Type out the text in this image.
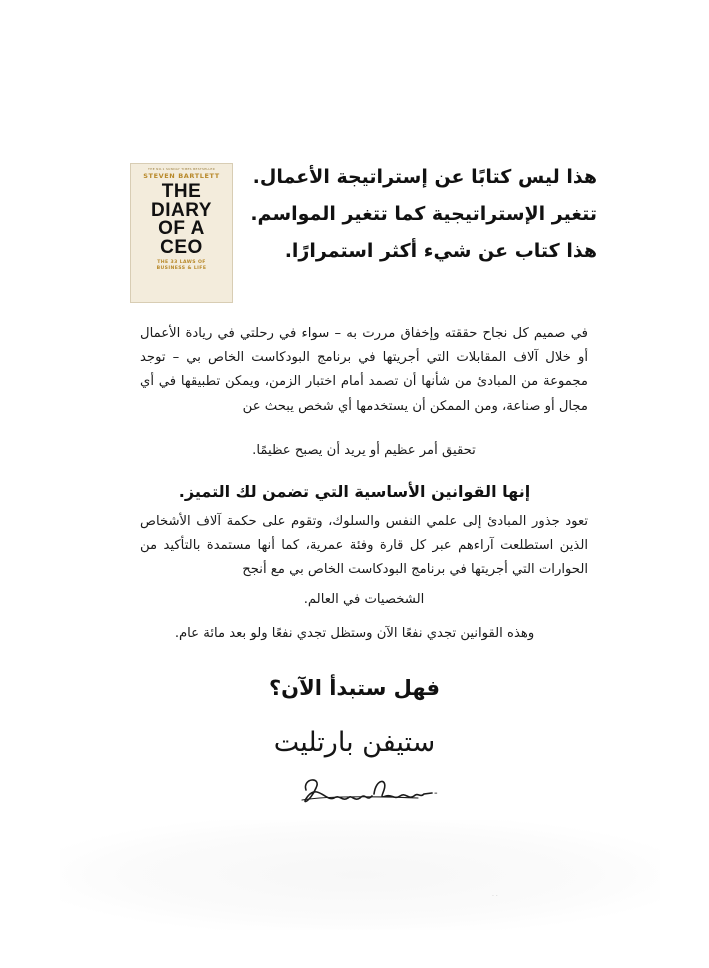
THE NO.1 SUNDAY TIMES BESTSELLER
STEVEN BARTLETT
THE
DIARY
OF A
CEO
THE 33 LAWS OF
BUSINESS & LIFE
هذا ليس كتابًا عن إستراتيجة الأعمال.
تتغير الإستراتيجية كما تتغير المواسم.
هذا كتاب عن شيء أكثر استمرارًا.
في صميم كل نجاح حققته وإخفاق مررت به – سواء في رحلتي في ريادة الأعمال أو خلال آلاف المقابلات التي أجريتها في برنامج البودكاست الخاص بي – توجد مجموعة من المبادئ من شأنها أن تصمد أمام اختبار الزمن، ويمكن تطبيقها في أي مجال أو صناعة، ومن الممكن أن يستخدمها أي شخص يبحث عن
تحقيق أمر عظيم أو يريد أن يصبح عظيمًا.
إنها القوانين الأساسية التي تضمن لك التميز.
تعود جذور المبادئ إلى علمي النفس والسلوك، وتقوم على حكمة آلاف الأشخاص الذين استطلعت آراءهم عبر كل قارة وفئة عمرية، كما أنها مستمدة بالتأكيد من الحوارات التي أجريتها في برنامج البودكاست الخاص بي مع أنجح
الشخصيات في العالم.
وهذه القوانين تجدي نفعًا الآن وستظل تجدي نفعًا ولو بعد مائة عام.
فهل ستبدأ الآن؟
ستيفن بارتليت
-
· ·
